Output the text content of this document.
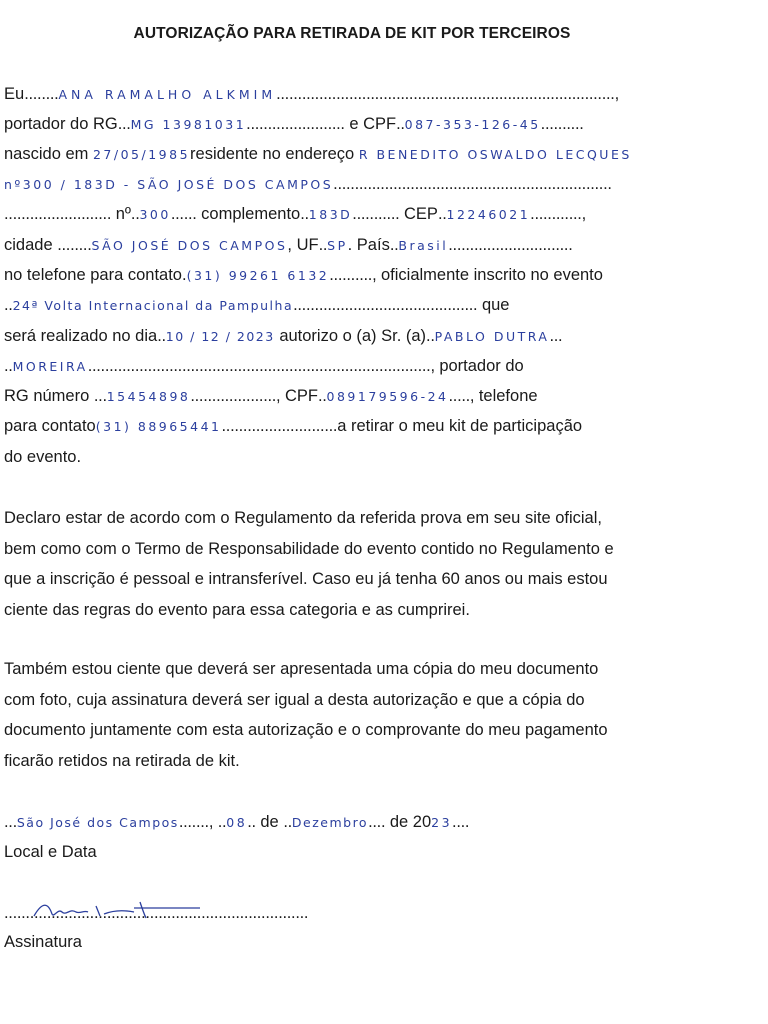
AUTORIZAÇÃO PARA RETIRADA DE KIT POR TERCEIROS
Eu........ANA RAMALHO ALKMIM...............................................................................,
portador do RG...MG 13981031....................... e CPF..087-353-126-45..........
nascido em 27/05/1985residente no endereço R BENEDITO OSWALDO LECQUES
nº300 / 183D - SÃO JOSÉ DOS CAMPOS.................................................................
......................... nº..300...... complemento..183D........... CEP..12246021............,
cidade ........SÃO JOSÉ DOS CAMPOS, UF..SP. País..Brasil.............................
no telefone para contato.(31) 99261 6132.........., oficialmente inscrito no evento
..24ª Volta Internacional da Pampulha........................................... que
será realizado no dia..10 / 12 / 2023 autorizo o (a) Sr. (a)..PABLO DUTRA...
..MOREIRA................................................................................, portador do
RG número ...15454898...................., CPF..089179596-24....., telefone
para contato(31) 88965441...........................a retirar o meu kit de participação
do evento.

Declaro estar de acordo com o Regulamento da referida prova em seu site oficial,

bem como com o Termo de Responsabilidade do evento contido no Regulamento e

que a inscrição é pessoal e intransferível. Caso eu já tenha 60 anos ou mais estou

ciente das regras do evento para essa categoria e as cumprirei.

Também estou ciente que deverá ser apresentada uma cópia do meu documento

com foto, cuja assinatura deverá ser igual a desta autorização e que a cópia do

documento juntamente com esta autorização e o comprovante do meu pagamento

ficarão retidos na retirada de kit.

...São José dos Campos......., ..08.. de ..Dezembro.... de 2023....
Local e Data
.......................................................................
Assinatura
